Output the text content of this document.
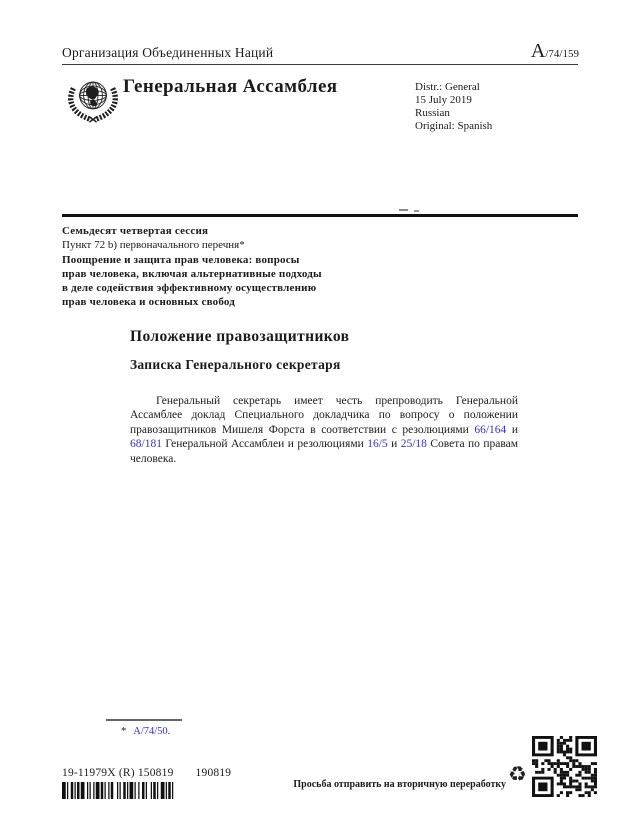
Организация Объединенных Наций	A/74/159
Генеральная Ассамблея	Distr.: General
15 July 2019
Russian
Original: Spanish
Семьдесят четвертая сессия
Пункт 72 b) первоначального перечня*
Поощрение и защита прав человека: вопросы прав человека, включая альтернативные подходы в деле содействия эффективному осуществлению прав человека и основных свобод
Положение правозащитников
Записка Генерального секретаря

Генеральный секретарь имеет честь препроводить Генеральной Ассамблее доклад Специального докладчика по вопросу о положении правозащитников Мишеля Форста в соответствии с резолюциями 66/164 и 68/181 Генеральной Ассамблеи и резолюциями 16/5 и 25/18 Совета по правам человека.

* A/74/50.
19-11979X (R) 150819 190819
Просьба отправить на вторичную переработку ♻
